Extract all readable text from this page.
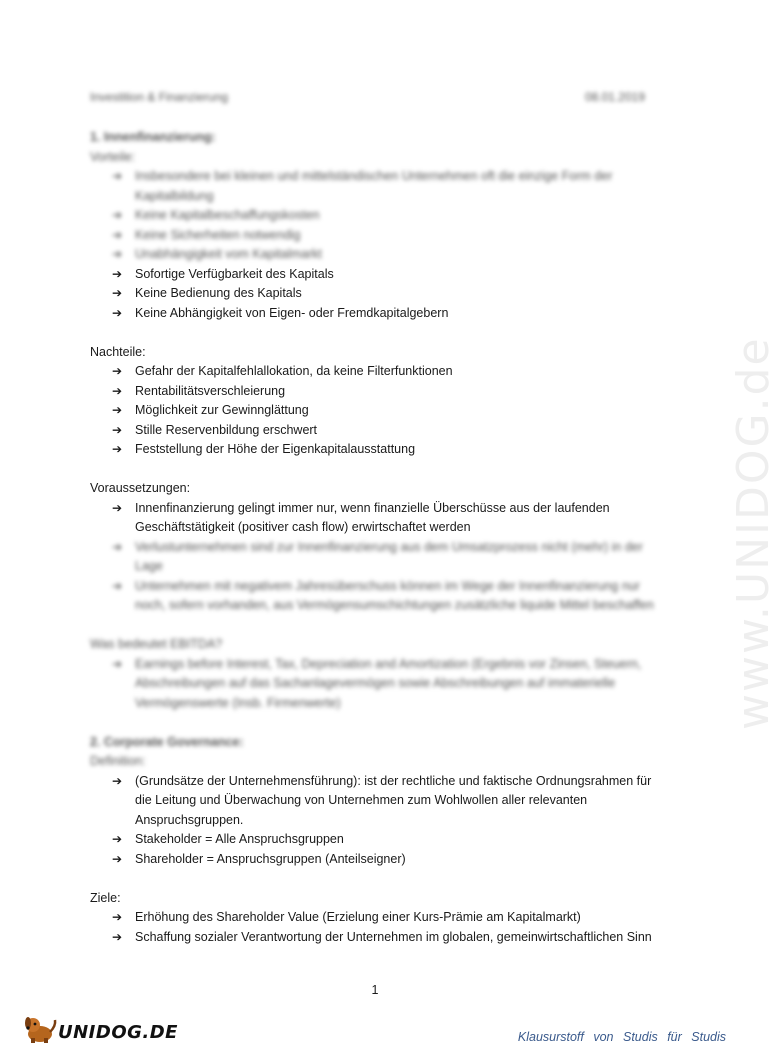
Investition & Finanzierung	08.01.2019
www.UNIDOG.de
1. Innenfinanzierung:
Vorteile:
➔ Insbesondere bei kleinen und mittelständischen Unternehmen oft die einzige Form der Kapitalbildung
➔ Keine Kapitalbeschaffungskosten
➔ Keine Sicherheiten notwendig
➔ Unabhängigkeit vom Kapitalmarkt
➔ Sofortige Verfügbarkeit des Kapitals
➔ Keine Bedienung des Kapitals
➔ Keine Abhängigkeit von Eigen- oder Fremdkapitalgebern
Nachteile:
➔ Gefahr der Kapitalfehlallokation, da keine Filterfunktionen
➔ Rentabilitätsverschleierung
➔ Möglichkeit zur Gewinnglättung
➔ Stille Reservenbildung erschwert
➔ Feststellung der Höhe der Eigenkapitalausstattung
Voraussetzungen:
➔ Innenfinanzierung gelingt immer nur, wenn finanzielle Überschüsse aus der laufenden Geschäftstätigkeit (positiver cash flow) erwirtschaftet werden
➔ Verlustunternehmen sind zur Innenfinanzierung aus dem Umsatzprozess nicht (mehr) in der Lage
➔ Unternehmen mit negativem Jahresüberschuss können im Wege der Innenfinanzierung nur noch, sofern vorhanden, aus Vermögensumschichtungen zusätzliche liquide Mittel beschaffen
Was bedeutet EBITDA?
➔ Earnings before Interest, Tax, Depreciation and Amortization (Ergebnis vor Zinsen, Steuern, Abschreibungen auf das Sachanlagevermögen sowie Abschreibungen auf immaterielle Vermögenswerte (Insb. Firmenwerte)
2. Corporate Governance:
Definition:
➔ (Grundsätze der Unternehmensführung): ist der rechtliche und faktische Ordnungsrahmen für die Leitung und Überwachung von Unternehmen zum Wohlwollen aller relevanten Anspruchsgruppen.
➔ Stakeholder = Alle Anspruchsgruppen
➔ Shareholder = Anspruchsgruppen (Anteilseigner)
Ziele:
➔ Erhöhung des Shareholder Value (Erzielung einer Kurs-Prämie am Kapitalmarkt)
➔ Schaffung sozialer Verantwortung der Unternehmen im globalen, gemeinwirtschaftlichen Sinn
1
UNIDOG.DE	Klausurstoff von Studis für Studis
